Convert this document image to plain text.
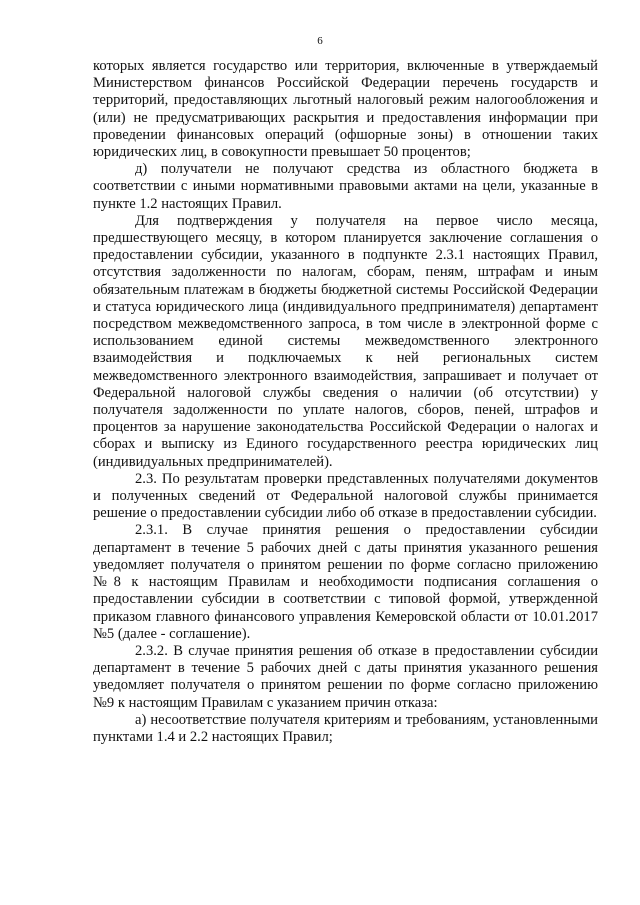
6

которых является государство или территория, включенные в утверждаемый Министерством финансов Российской Федерации перечень государств и территорий, предоставляющих льготный налоговый режим налогообложения и (или) не предусматривающих раскрытия и предоставления информации при проведении финансовых операций (офшорные зоны) в отношении таких юридических лиц, в совокупности превышает 50 процентов;

д) получатели не получают средства из областного бюджета в соответствии с иными нормативными правовыми актами на цели, указанные в пункте 1.2 настоящих Правил.

Для подтверждения у получателя на первое число месяца, предшествующего месяцу, в котором планируется заключение соглашения о предоставлении субсидии, указанного в подпункте 2.3.1 настоящих Правил, отсутствия задолженности по налогам, сборам, пеням, штрафам и иным обязательным платежам в бюджеты бюджетной системы Российской Федерации и статуса юридического лица (индивидуального предпринимателя) департамент посредством межведомственного запроса, в том числе в электронной форме с использованием единой системы межведомственного электронного взаимодействия и подключаемых к ней региональных систем межведомственного электронного взаимодействия, запрашивает и получает от Федеральной налоговой службы сведения о наличии (об отсутствии) у получателя задолженности по уплате налогов, сборов, пеней, штрафов и процентов за нарушение законодательства Российской Федерации о налогах и сборах и выписку из Единого государственного реестра юридических лиц (индивидуальных предпринимателей).

2.3. По результатам проверки представленных получателями документов и полученных сведений от Федеральной налоговой службы принимается решение о предоставлении субсидии либо об отказе в предоставлении субсидии.

2.3.1. В случае принятия решения о предоставлении субсидии департамент в течение 5 рабочих дней с даты принятия указанного решения уведомляет получателя о принятом решении по форме согласно приложению №8 к настоящим Правилам и необходимости подписания соглашения о предоставлении субсидии в соответствии с типовой формой, утвержденной приказом главного финансового управления Кемеровской области от 10.01.2017 №5 (далее - соглашение).

2.3.2. В случае принятия решения об отказе в предоставлении субсидии департамент в течение 5 рабочих дней с даты принятия указанного решения уведомляет получателя о принятом решении по форме согласно приложению №9 к настоящим Правилам с указанием причин отказа:

а) несоответствие получателя критериям и требованиям, установленными пунктами 1.4 и 2.2 настоящих Правил;
